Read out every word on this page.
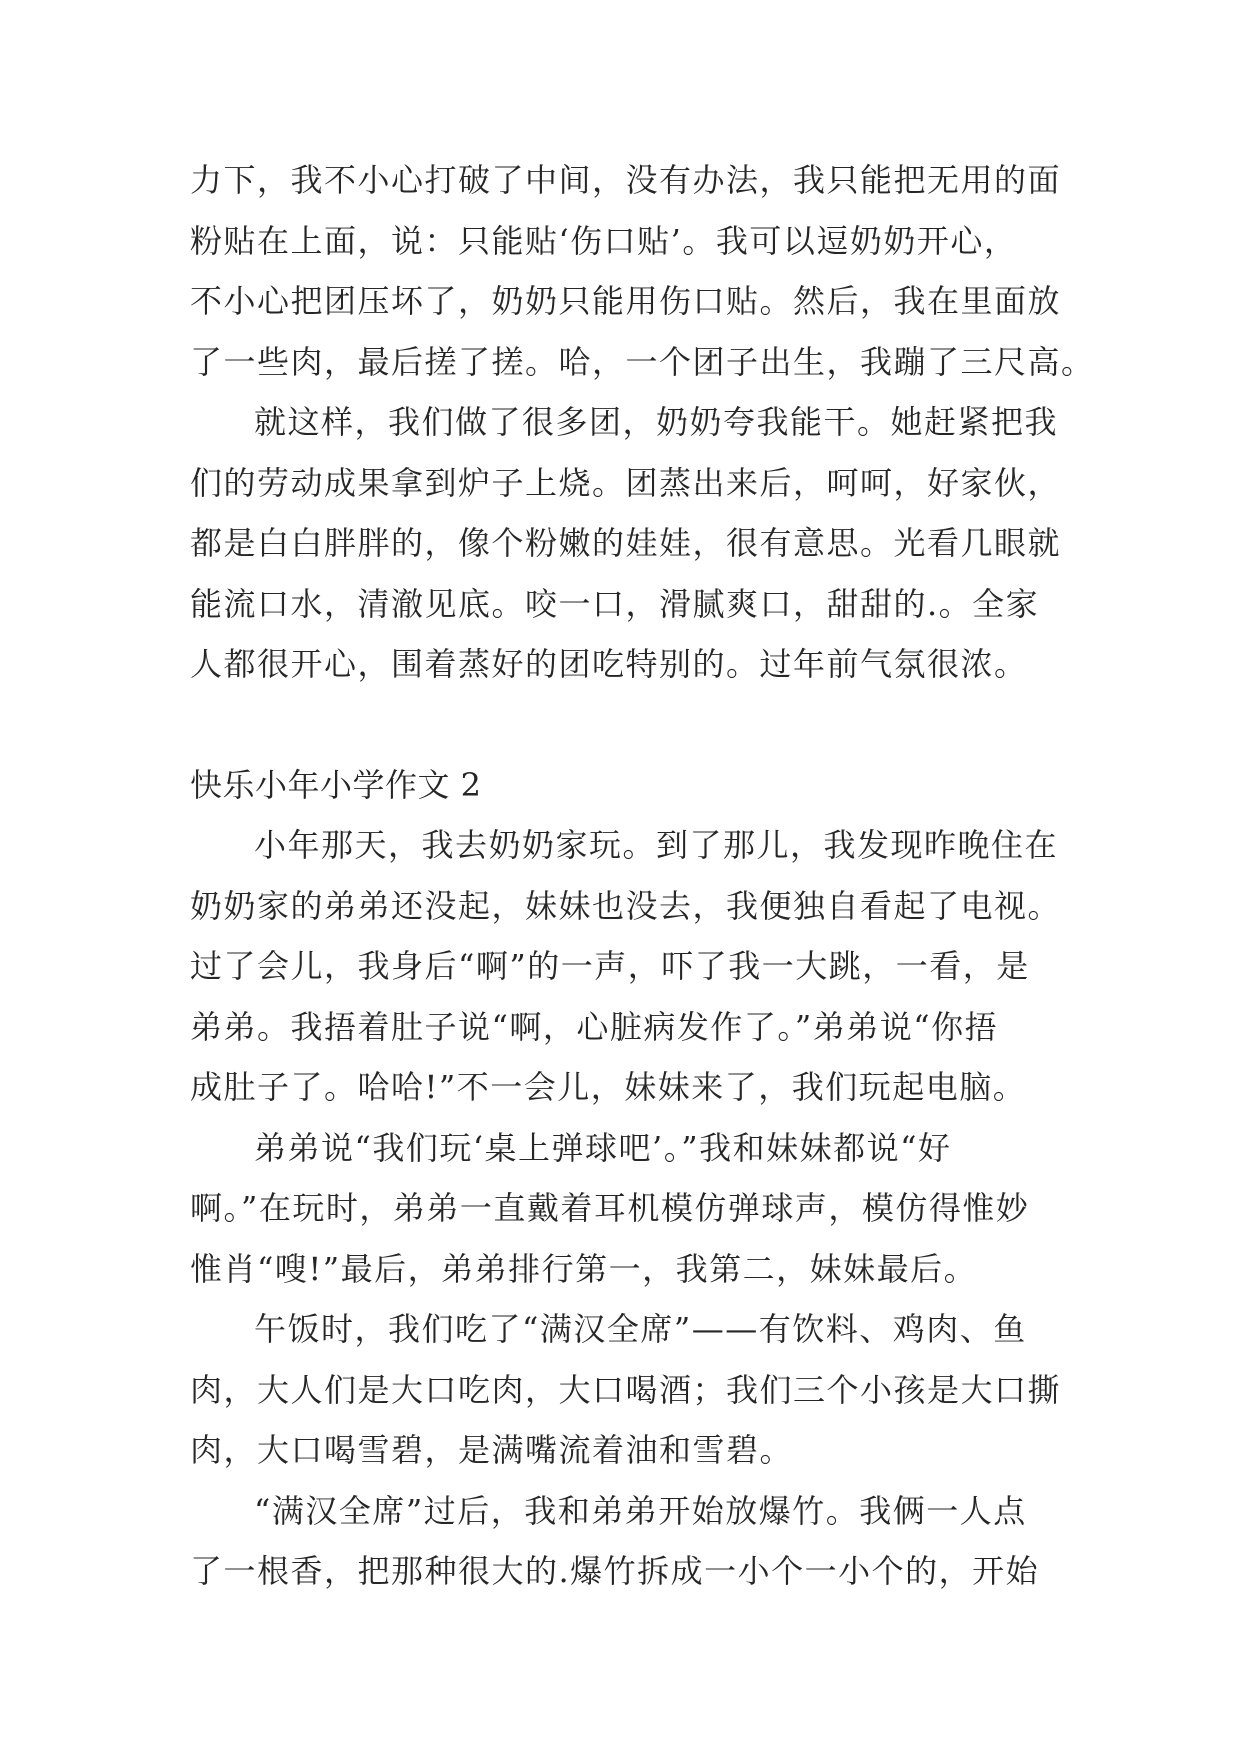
力下，我不小心打破了中间，没有办法，我只能把无用的面
粉贴在上面，说：只能贴‘伤口贴’。我可以逗奶奶开心，
不小心把团压坏了，奶奶只能用伤口贴。然后，我在里面放
了一些肉，最后搓了搓。哈，一个团子出生，我蹦了三尺高。
就这样，我们做了很多团，奶奶夸我能干。她赶紧把我
们的劳动成果拿到炉子上烧。团蒸出来后，呵呵，好家伙，
都是白白胖胖的，像个粉嫩的娃娃，很有意思。光看几眼就
能流口水，清澈见底。咬一口，滑腻爽口，甜甜的.。全家
人都很开心，围着蒸好的团吃特别的。过年前气氛很浓。
快乐小年小学作文 2
小年那天，我去奶奶家玩。到了那儿，我发现昨晚住在
奶奶家的弟弟还没起，妹妹也没去，我便独自看起了电视。
过了会儿，我身后“啊”的一声，吓了我一大跳，一看，是
弟弟。我捂着肚子说“啊，心脏病发作了。”弟弟说“你捂
成肚子了。哈哈!”不一会儿，妹妹来了，我们玩起电脑。
弟弟说“我们玩‘桌上弹球吧’。”我和妹妹都说“好
啊。”在玩时，弟弟一直戴着耳机模仿弹球声，模仿得惟妙
惟肖“嗖!”最后，弟弟排行第一，我第二，妹妹最后。
午饭时，我们吃了“满汉全席”——有饮料、鸡肉、鱼
肉，大人们是大口吃肉，大口喝酒；我们三个小孩是大口撕
肉，大口喝雪碧，是满嘴流着油和雪碧。
“满汉全席”过后，我和弟弟开始放爆竹。我俩一人点
了一根香，把那种很大的.爆竹拆成一小个一小个的，开始
